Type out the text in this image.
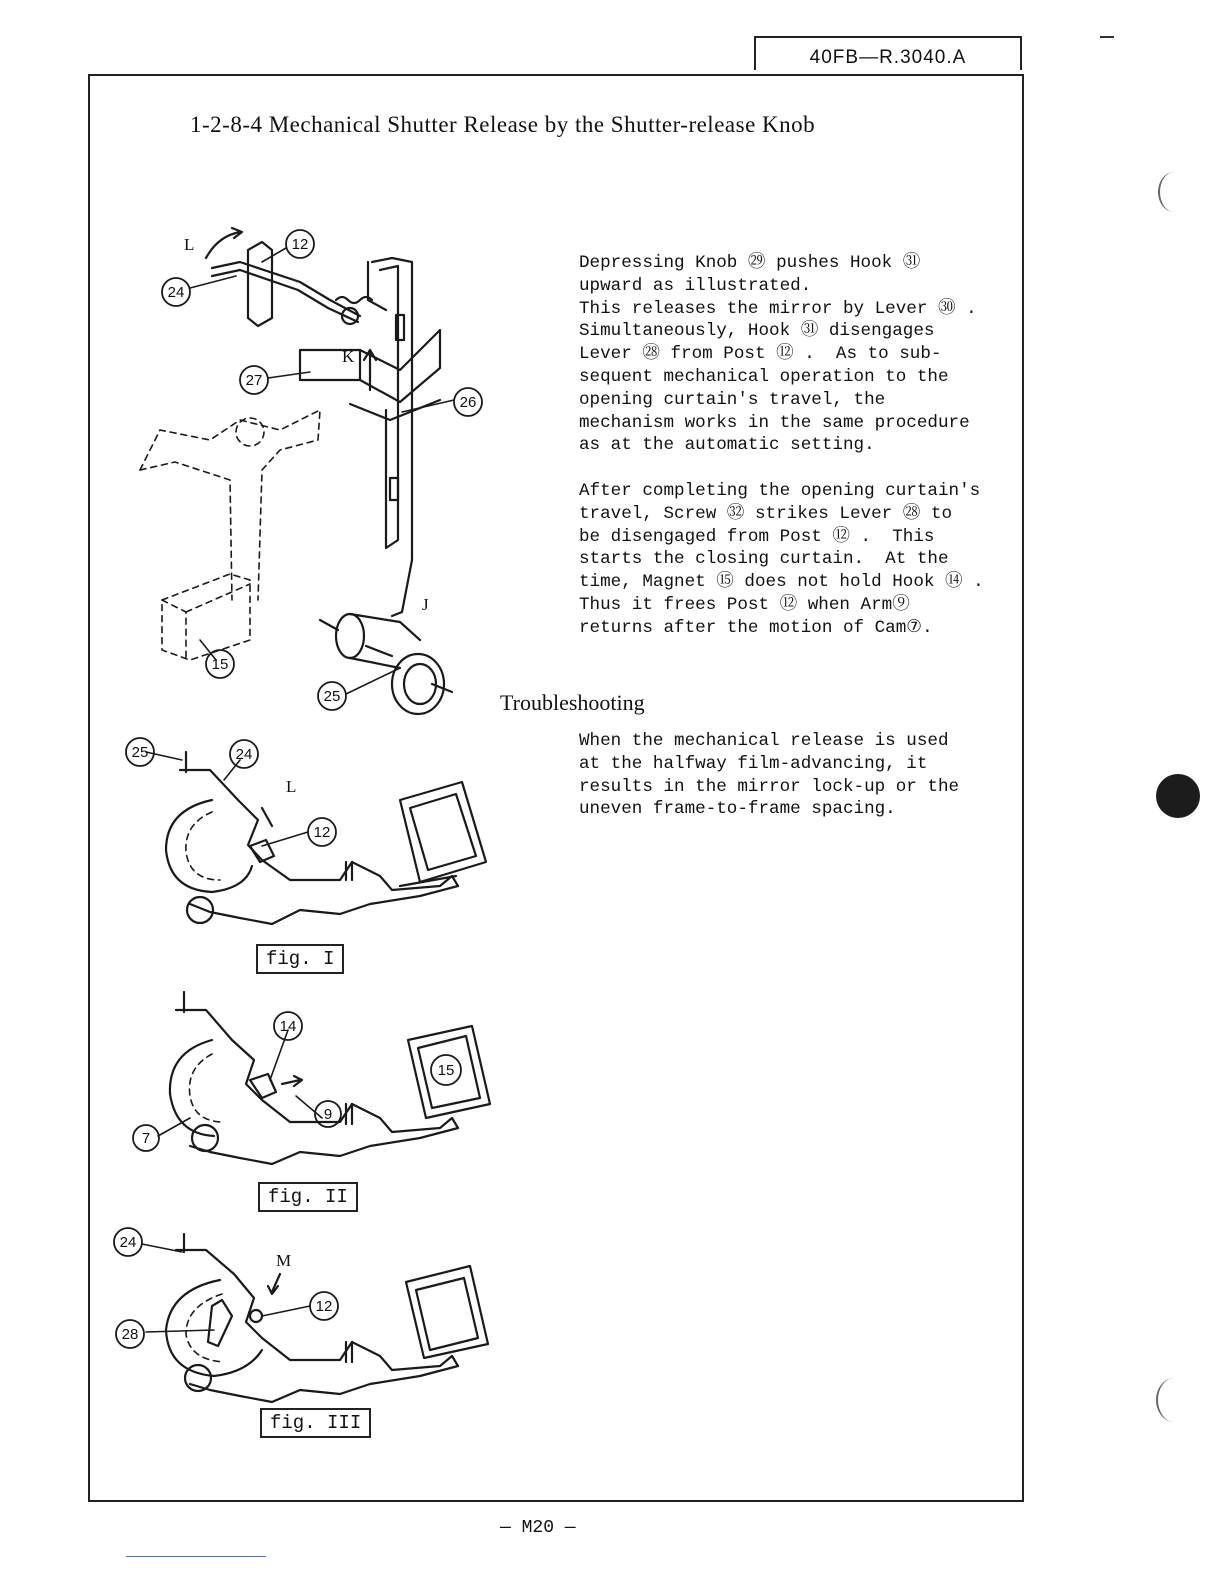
40FB—R.3040.A
1-2-8-4 Mechanical Shutter Release by the Shutter-release Knob
Depressing Knob ㉙ pushes Hook ㉛
upward as illustrated.
This releases the mirror by Lever ㉚ .
Simultaneously, Hook ㉛ disengages
Lever ㉘ from Post ⑫ .  As to sub-
sequent mechanical operation to the
opening curtain's travel, the
mechanism works in the same procedure
as at the automatic setting.
After completing the opening curtain's
travel, Screw ㉜ strikes Lever ㉘ to
be disengaged from Post ⑫ .  This
starts the closing curtain.  At the
time, Magnet ⑮ does not hold Hook ⑭ .
Thus it frees Post ⑫ when Arm⑨
returns after the motion of Cam⑦.
Troubleshooting
When the mechanical release is used
at the halfway film-advancing, it
results in the mirror lock-up or the
uneven frame-to-frame spacing.
12
24
27
26
15
25
25	24
12
14
15
9
7
24
12
28
L
K
J
L
M
fig. I
fig. II
fig. III
— M20 —
